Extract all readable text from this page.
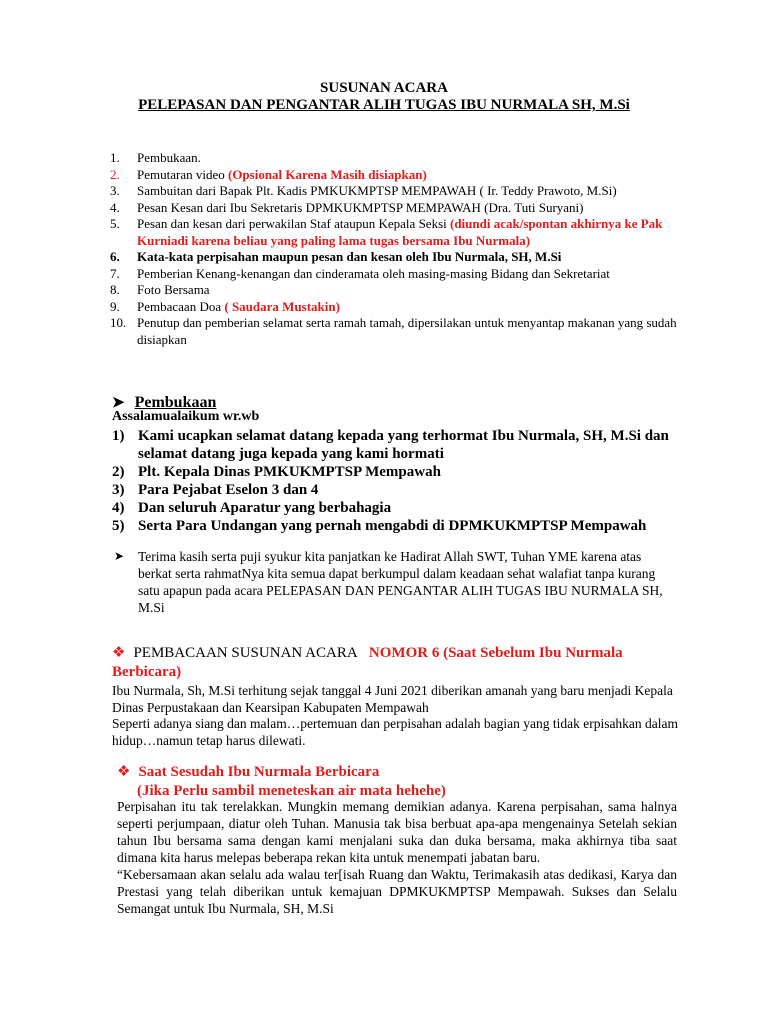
SUSUNAN ACARA
PELEPASAN DAN PENGANTAR ALIH TUGAS IBU NURMALA SH, M.Si
1.	Pembukaan.
2.	Pemutaran video (Opsional Karena Masih disiapkan)
3.	Sambuitan dari Bapak Plt. Kadis PMKUKMPTSP MEMPAWAH ( Ir. Teddy Prawoto, M.Si)
4.	Pesan Kesan dari Ibu Sekretaris DPMKUKMPTSP MEMPAWAH (Dra. Tuti Suryani)
5.	Pesan dan kesan dari perwakilan Staf ataupun Kepala Seksi (diundi acak/spontan akhirnya ke Pak Kurniadi karena beliau yang paling lama tugas bersama Ibu Nurmala)
6.	Kata-kata perpisahan maupun pesan dan kesan oleh Ibu Nurmala, SH, M.Si
7.	Pemberian Kenang-kenangan dan cinderamata oleh masing-masing Bidang dan Sekretariat
8.	Foto Bersama
9.	Pembacaan Doa ( Saudara Mustakin)
10. Penutup dan pemberian selamat serta ramah tamah, dipersilakan untuk menyantap makanan yang sudah disiapkan
➤ Pembukaan
Assalamualaikum wr.wb
1) Kami ucapkan selamat datang kepada yang terhormat Ibu Nurmala, SH, M.Si dan selamat datang juga kepada yang kami hormati
2) Plt. Kepala Dinas PMKUKMPTSP Mempawah
3) Para Pejabat Eselon 3 dan 4
4) Dan seluruh Aparatur yang berbahagia
5) Serta Para Undangan yang pernah mengabdi di DPMKUKMPTSP Mempawah
➤	Terima kasih serta puji syukur kita panjatkan ke Hadirat Allah SWT, Tuhan YME karena atas berkat serta rahmatNya kita semua dapat berkumpul dalam keadaan sehat walafiat tanpa kurang satu apapun pada acara PELEPASAN DAN PENGANTAR ALIH TUGAS IBU NURMALA SH, M.Si
❖ PEMBACAAN SUSUNAN ACARA NOMOR 6 (Saat Sebelum Ibu Nurmala Berbicara)
Ibu Nurmala, Sh, M.Si terhitung sejak tanggal 4 Juni 2021 diberikan amanah yang baru menjadi Kepala Dinas Perpustakaan dan Kearsipan Kabupaten Mempawah
Seperti adanya siang dan malam…pertemuan dan perpisahan adalah bagian yang tidak erpisahkan dalam hidup…namun tetap harus dilewati.
❖ Saat Sesudah Ibu Nurmala Berbicara
(Jika Perlu sambil meneteskan air mata hehehe)
Perpisahan itu tak terelakkan. Mungkin memang demikian adanya. Karena perpisahan, sama halnya seperti perjumpaan, diatur oleh Tuhan. Manusia tak bisa berbuat apa-apa mengenainya Setelah sekian tahun Ibu bersama sama dengan kami menjalani suka dan duka bersama, maka akhirnya tiba saat dimana kita harus melepas beberapa rekan kita untuk menempati jabatan baru.
“Kebersamaan akan selalu ada walau ter[isah Ruang dan Waktu, Terimakasih atas dedikasi, Karya dan Prestasi yang telah diberikan untuk kemajuan DPMKUKMPTSP Mempawah. Sukses dan Selalu Semangat untuk Ibu Nurmala, SH, M.Si
